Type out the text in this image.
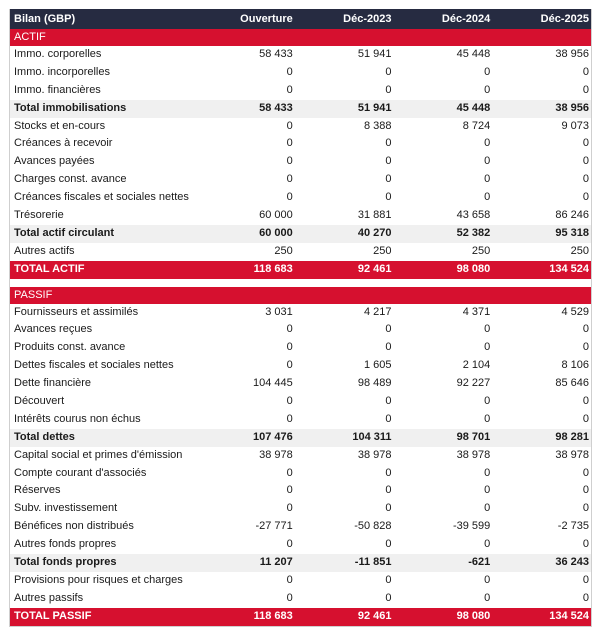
Bilan (GBP)	Ouverture	Déc-2023	Déc-2024	Déc-2025
ACTIF
Immo. corporelles	58 433	51 941	45 448	38 956
Immo. incorporelles	0	0	0	0
Immo. financières	0	0	0	0
Total immobilisations	58 433	51 941	45 448	38 956
Stocks et en-cours	0	8 388	8 724	9 073
Créances à recevoir	0	0	0	0
Avances payées	0	0	0	0
Charges const. avance	0	0	0	0
Créances fiscales et sociales nettes	0	0	0	0
Trésorerie	60 000	31 881	43 658	86 246
Total actif circulant	60 000	40 270	52 382	95 318
Autres actifs	250	250	250	250
TOTAL ACTIF	118 683	92 461	98 080	134 524
PASSIF
Fournisseurs et assimilés	3 031	4 217	4 371	4 529
Avances reçues	0	0	0	0
Produits const. avance	0	0	0	0
Dettes fiscales et sociales nettes	0	1 605	2 104	8 106
Dette financière	104 445	98 489	92 227	85 646
Découvert	0	0	0	0
Intérêts courus non échus	0	0	0	0
Total dettes	107 476	104 311	98 701	98 281
Capital social et primes d'émission	38 978	38 978	38 978	38 978
Compte courant d'associés	0	0	0	0
Réserves	0	0	0	0
Subv. investissement	0	0	0	0
Bénéfices non distribués	-27 771	-50 828	-39 599	-2 735
Autres fonds propres	0	0	0	0
Total fonds propres	11 207	-11 851	-621	36 243
Provisions pour risques et charges	0	0	0	0
Autres passifs	0	0	0	0
TOTAL PASSIF	118 683	92 461	98 080	134 524
